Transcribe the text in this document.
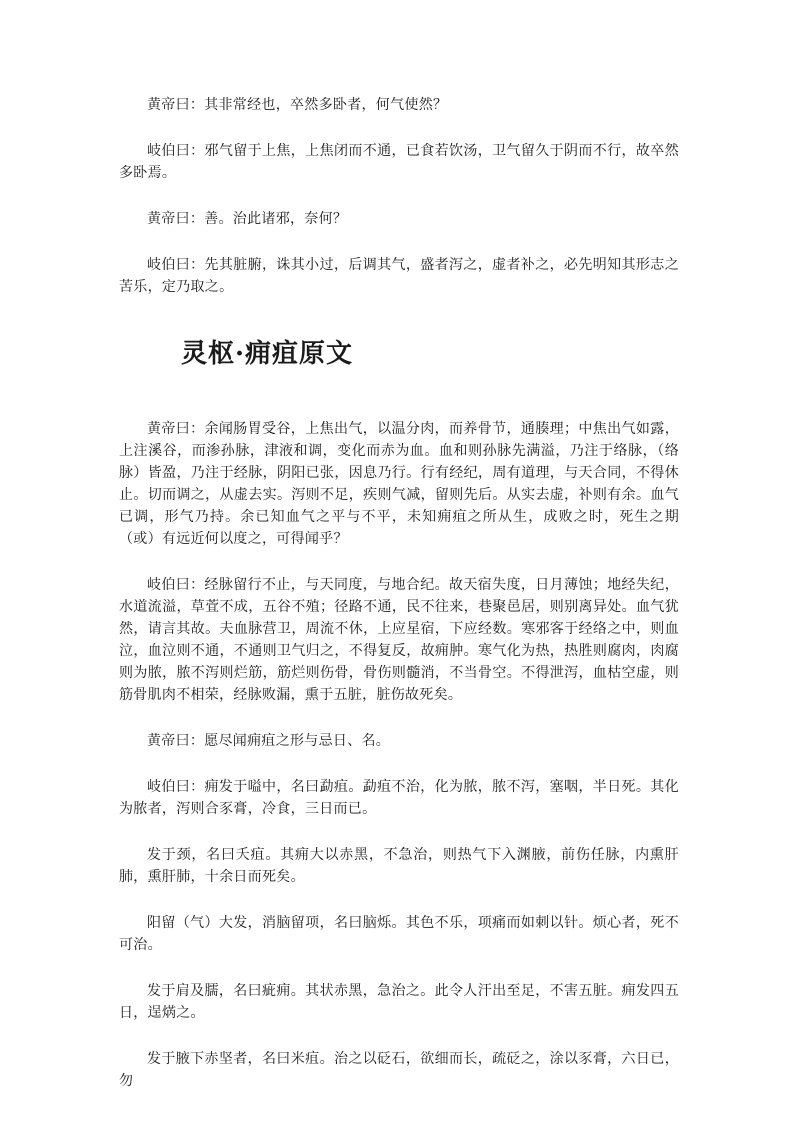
黄帝曰：其非常经也，卒然多卧者，何气使然？

岐伯曰：邪气留于上焦，上焦闭而不通，已食若饮汤，卫气留久于阴而不行，故卒然多卧焉。

黄帝曰：善。治此诸邪，奈何？

岐伯曰：先其脏腑，诛其小过，后调其气，盛者泻之，虚者补之，必先明知其形志之苦乐，定乃取之。

灵枢·痈疽原文

黄帝曰：余闻肠胃受谷，上焦出气，以温分肉，而养骨节，通腠理；中焦出气如露，上注溪谷，而渗孙脉，津液和调，变化而赤为血。血和则孙脉先满溢，乃注于络脉，（络脉）皆盈，乃注于经脉，阴阳已张，因息乃行。行有经纪，周有道理，与天合同，不得休止。切而调之，从虚去实。泻则不足，疾则气减，留则先后。从实去虚，补则有余。血气已调，形气乃持。余已知血气之平与不平，未知痈疽之所从生，成败之时，死生之期（或）有远近何以度之，可得闻乎？

岐伯曰：经脉留行不止，与天同度，与地合纪。故天宿失度，日月薄蚀；地经失纪，水道流溢，草萓不成，五谷不殖；径路不通，民不往来，巷聚邑居，则别离异处。血气犹然，请言其故。夫血脉营卫，周流不休，上应星宿，下应经数。寒邪客于经络之中，则血泣，血泣则不通，不通则卫气归之，不得复反，故痈肿。寒气化为热，热胜则腐肉，肉腐则为脓，脓不泻则烂筋，筋烂则伤骨，骨伤则髓消，不当骨空。不得泄泻，血枯空虚，则筋骨肌肉不相荣，经脉败漏，熏于五脏，脏伤故死矣。

黄帝曰：愿尽闻痈疽之形与忌日、名。

岐伯曰：痈发于嗌中，名曰勐疽。勐疽不治，化为脓，脓不泻，塞咽，半日死。其化为脓者，泻则合豕膏，冷食，三日而已。

发于颈，名曰夭疽。其痈大以赤黑，不急治，则热气下入渊腋，前伤任脉，内熏肝肺，熏肝肺，十余日而死矣。

阳留（气）大发，消脑留项，名曰脑烁。其色不乐，项痛而如刺以针。烦心者，死不可治。

发于肩及臑，名曰疵痈。其状赤黑，急治之。此令人汗出至足，不害五脏。痈发四五日，逞焫之。

发于腋下赤坚者，名曰米疽。治之以砭石，欲细而长，疏砭之，涂以豕膏，六日已，勿
